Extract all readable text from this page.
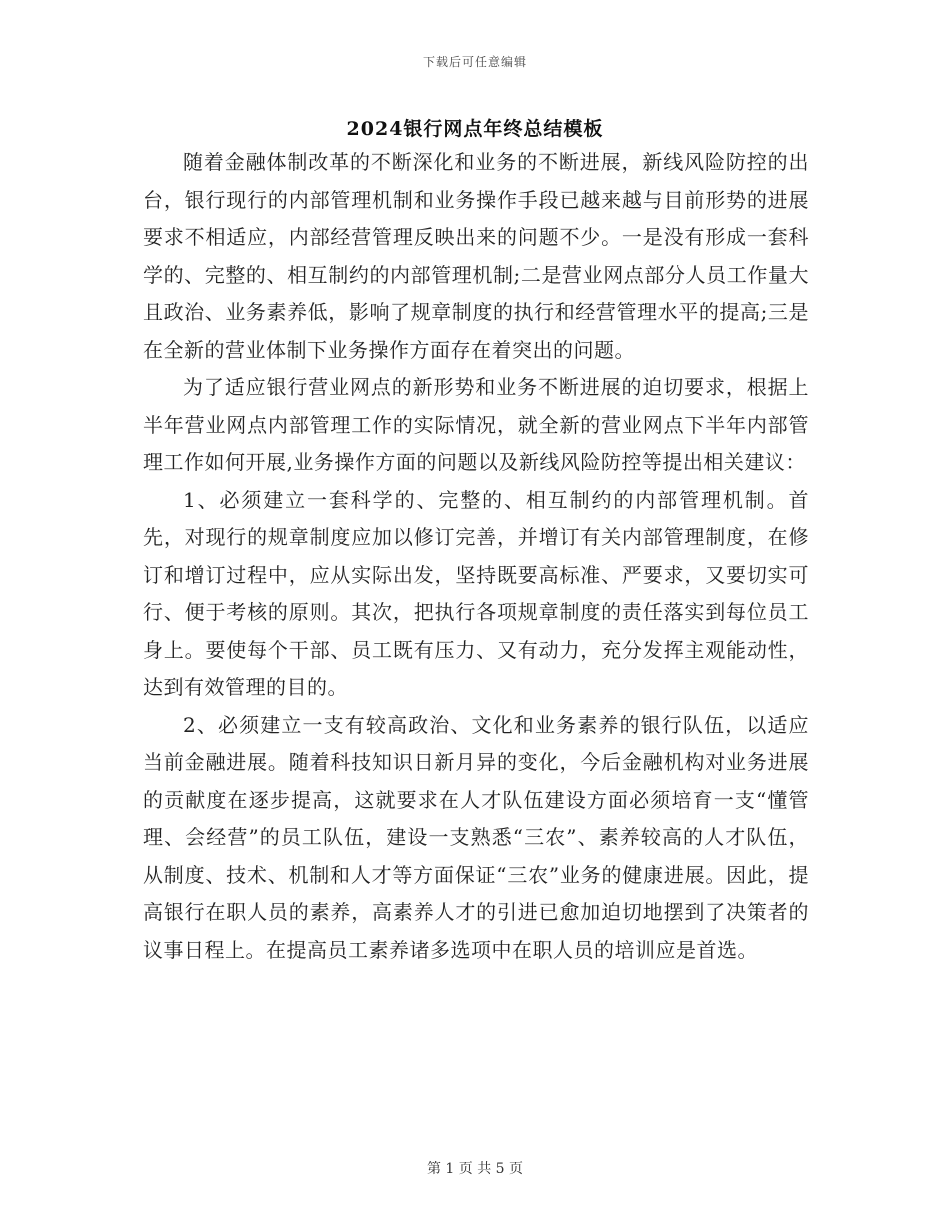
下载后可任意编辑
2024银行网点年终总结模板

随着金融体制改革的不断深化和业务的不断进展，新线风险防控的出台，银行现行的内部管理机制和业务操作手段已越来越与目前形势的进展要求不相适应，内部经营管理反映出来的问题不少。一是没有形成一套科学的、完整的、相互制约的内部管理机制;二是营业网点部分人员工作量大且政治、业务素养低，影响了规章制度的执行和经营管理水平的提高;三是在全新的营业体制下业务操作方面存在着突出的问题。

为了适应银行营业网点的新形势和业务不断进展的迫切要求，根据上半年营业网点内部管理工作的实际情况，就全新的营业网点下半年内部管理工作如何开展,业务操作方面的问题以及新线风险防控等提出相关建议：

1、必须建立一套科学的、完整的、相互制约的内部管理机制。首先，对现行的规章制度应加以修订完善，并增订有关内部管理制度，在修订和增订过程中，应从实际出发，坚持既要高标准、严要求，又要切实可行、便于考核的原则。其次，把执行各项规章制度的责任落实到每位员工身上。要使每个干部、员工既有压力、又有动力，充分发挥主观能动性，达到有效管理的目的。

2、必须建立一支有较高政治、文化和业务素养的银行队伍，以适应当前金融进展。随着科技知识日新月异的变化，今后金融机构对业务进展的贡献度在逐步提高，这就要求在人才队伍建设方面必须培育一支“懂管理、会经营”的员工队伍，建设一支熟悉“三农”、素养较高的人才队伍，从制度、技术、机制和人才等方面保证“三农”业务的健康进展。因此，提高银行在职人员的素养，高素养人才的引进已愈加迫切地摆到了决策者的议事日程上。在提高员工素养诸多选项中在职人员的培训应是首选。

第 1 页 共 5 页
